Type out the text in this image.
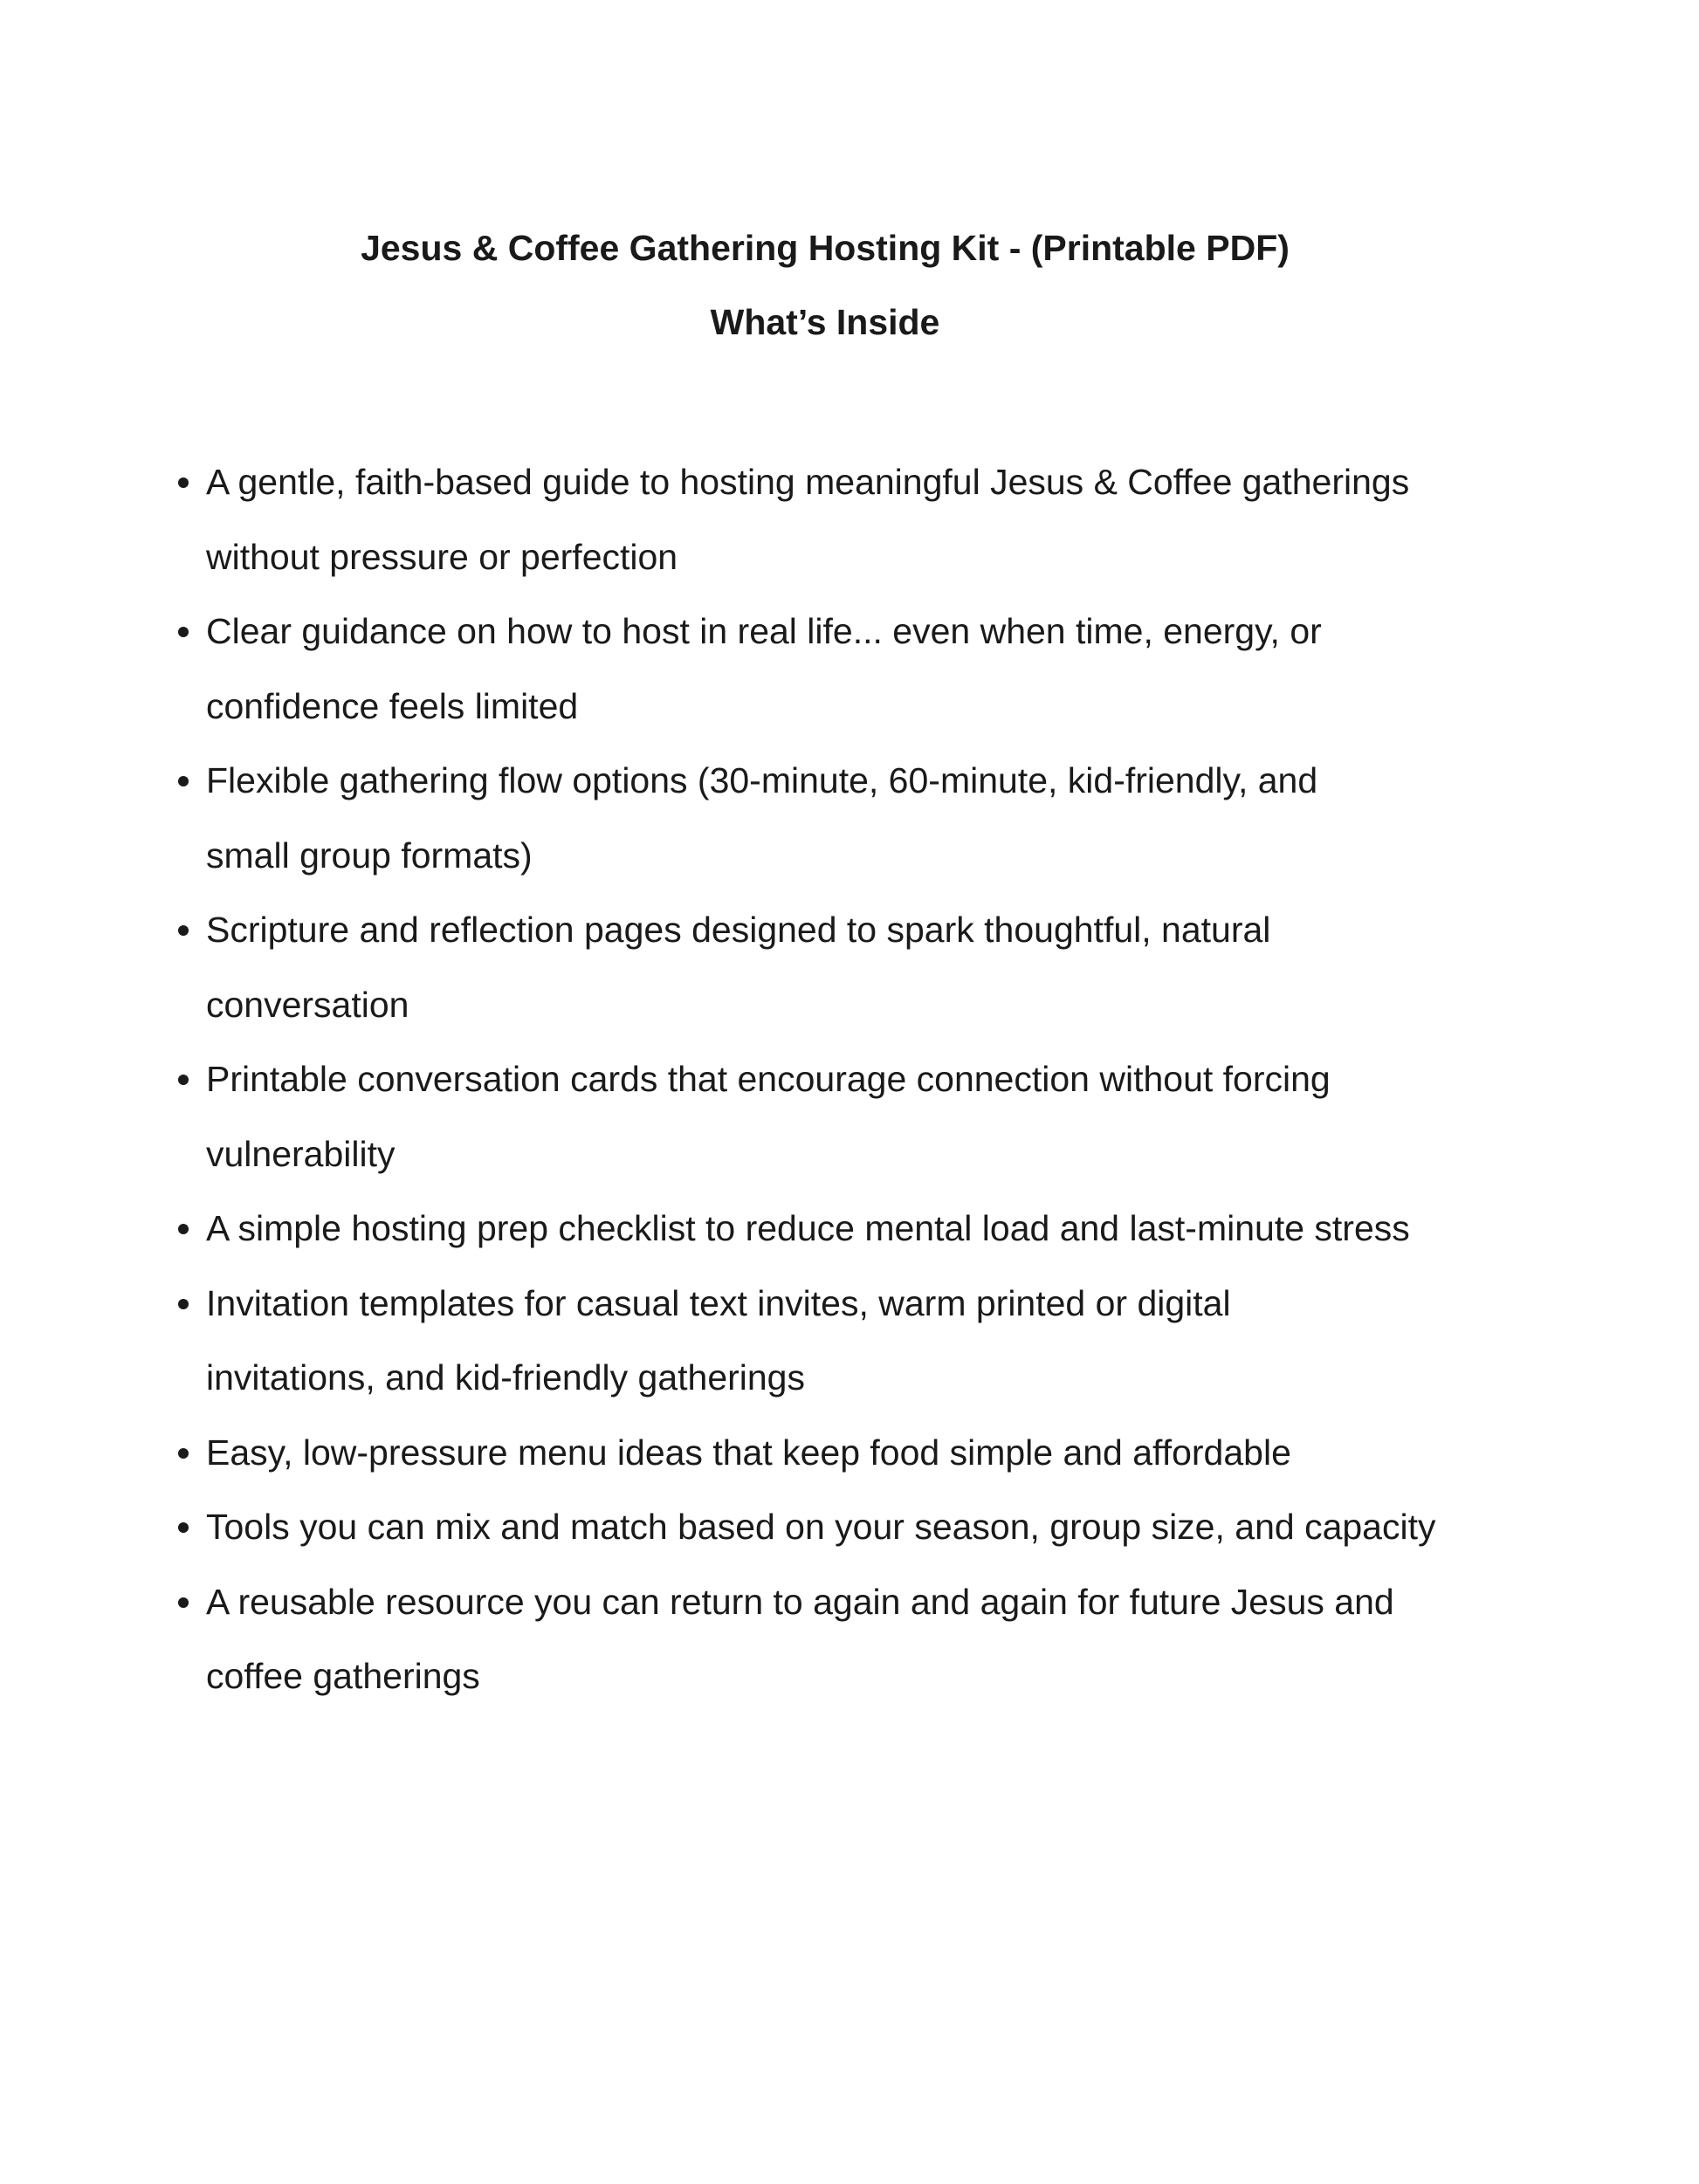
Jesus & Coffee Gathering Hosting Kit - (Printable PDF)
What’s Inside
A gentle, faith-based guide to hosting meaningful Jesus & Coffee gatherings
without pressure or perfection
Clear guidance on how to host in real life... even when time, energy, or
confidence feels limited
Flexible gathering flow options (30-minute, 60-minute, kid-friendly, and
small group formats)
Scripture and reflection pages designed to spark thoughtful, natural
conversation
Printable conversation cards that encourage connection without forcing
vulnerability
A simple hosting prep checklist to reduce mental load and last-minute stress
Invitation templates for casual text invites, warm printed or digital
invitations, and kid-friendly gatherings
Easy, low-pressure menu ideas that keep food simple and affordable
Tools you can mix and match based on your season, group size, and capacity
A reusable resource you can return to again and again for future Jesus and
coffee gatherings
